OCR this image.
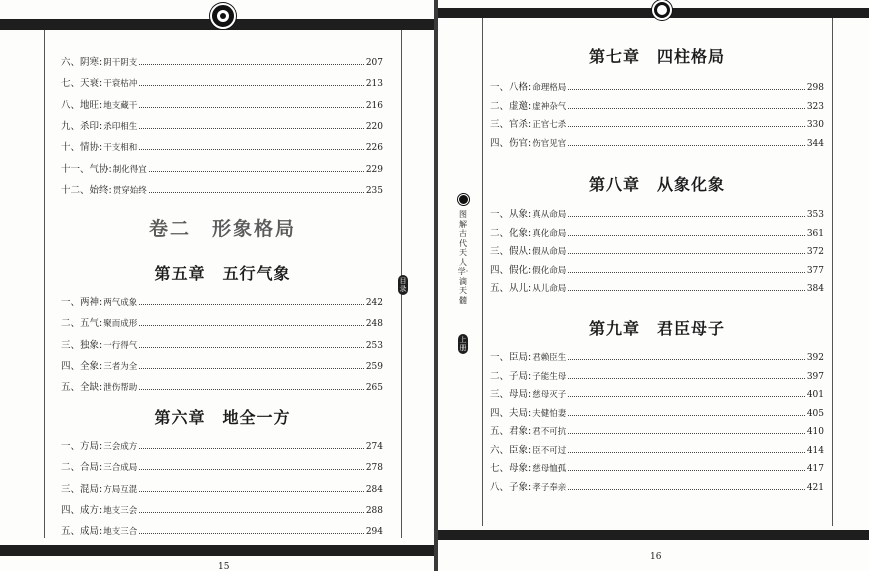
六、阴寒: 阴干阴支	207
七、天衰: 干衰枯冲	213
八、地旺: 地支藏干	216
九、杀印: 杀印相生	220
十、情协: 干支相和	226
十一、气协: 制化得宜	229
十二、始终: 贯穿始终	235
卷二　形象格局
第五章　五行气象
一、两神: 两气成象	242
二、五气: 聚而成形	248
三、独象: 一行得气	253
四、全象: 三者为全	259
五、全缺: 泄伤帮助	265
第六章　地全一方
一、方局: 三会成方	274
二、合局: 三合成局	278
三、混局: 方局互混	284
四、成方: 地支三会	288
五、成局: 地支三合	294
目录
15
第七章　四柱格局
一、八格: 命理格局	298
二、虚邀: 虚神杂气	323
三、官杀: 正官七杀	330
四、伤官: 伤官见官	344
第八章　从象化象
一、从象: 真从命局	353
二、化象: 真化命局	361
三、假从: 假从命局	372
四、假化: 假化命局	377
五、从儿: 从儿命局	384
第九章　君臣母子
一、臣局: 君赖臣生	392
二、子局: 子能生母	397
三、母局: 慈母灭子	401
四、夫局: 夫健怕妻	405
五、君象: 君不可抗	410
六、臣象: 臣不可过	414
七、母象: 慈母恤孤	417
八、子象: 孝子奉亲	421
图解古代天人学·滴天髓
上册
16
